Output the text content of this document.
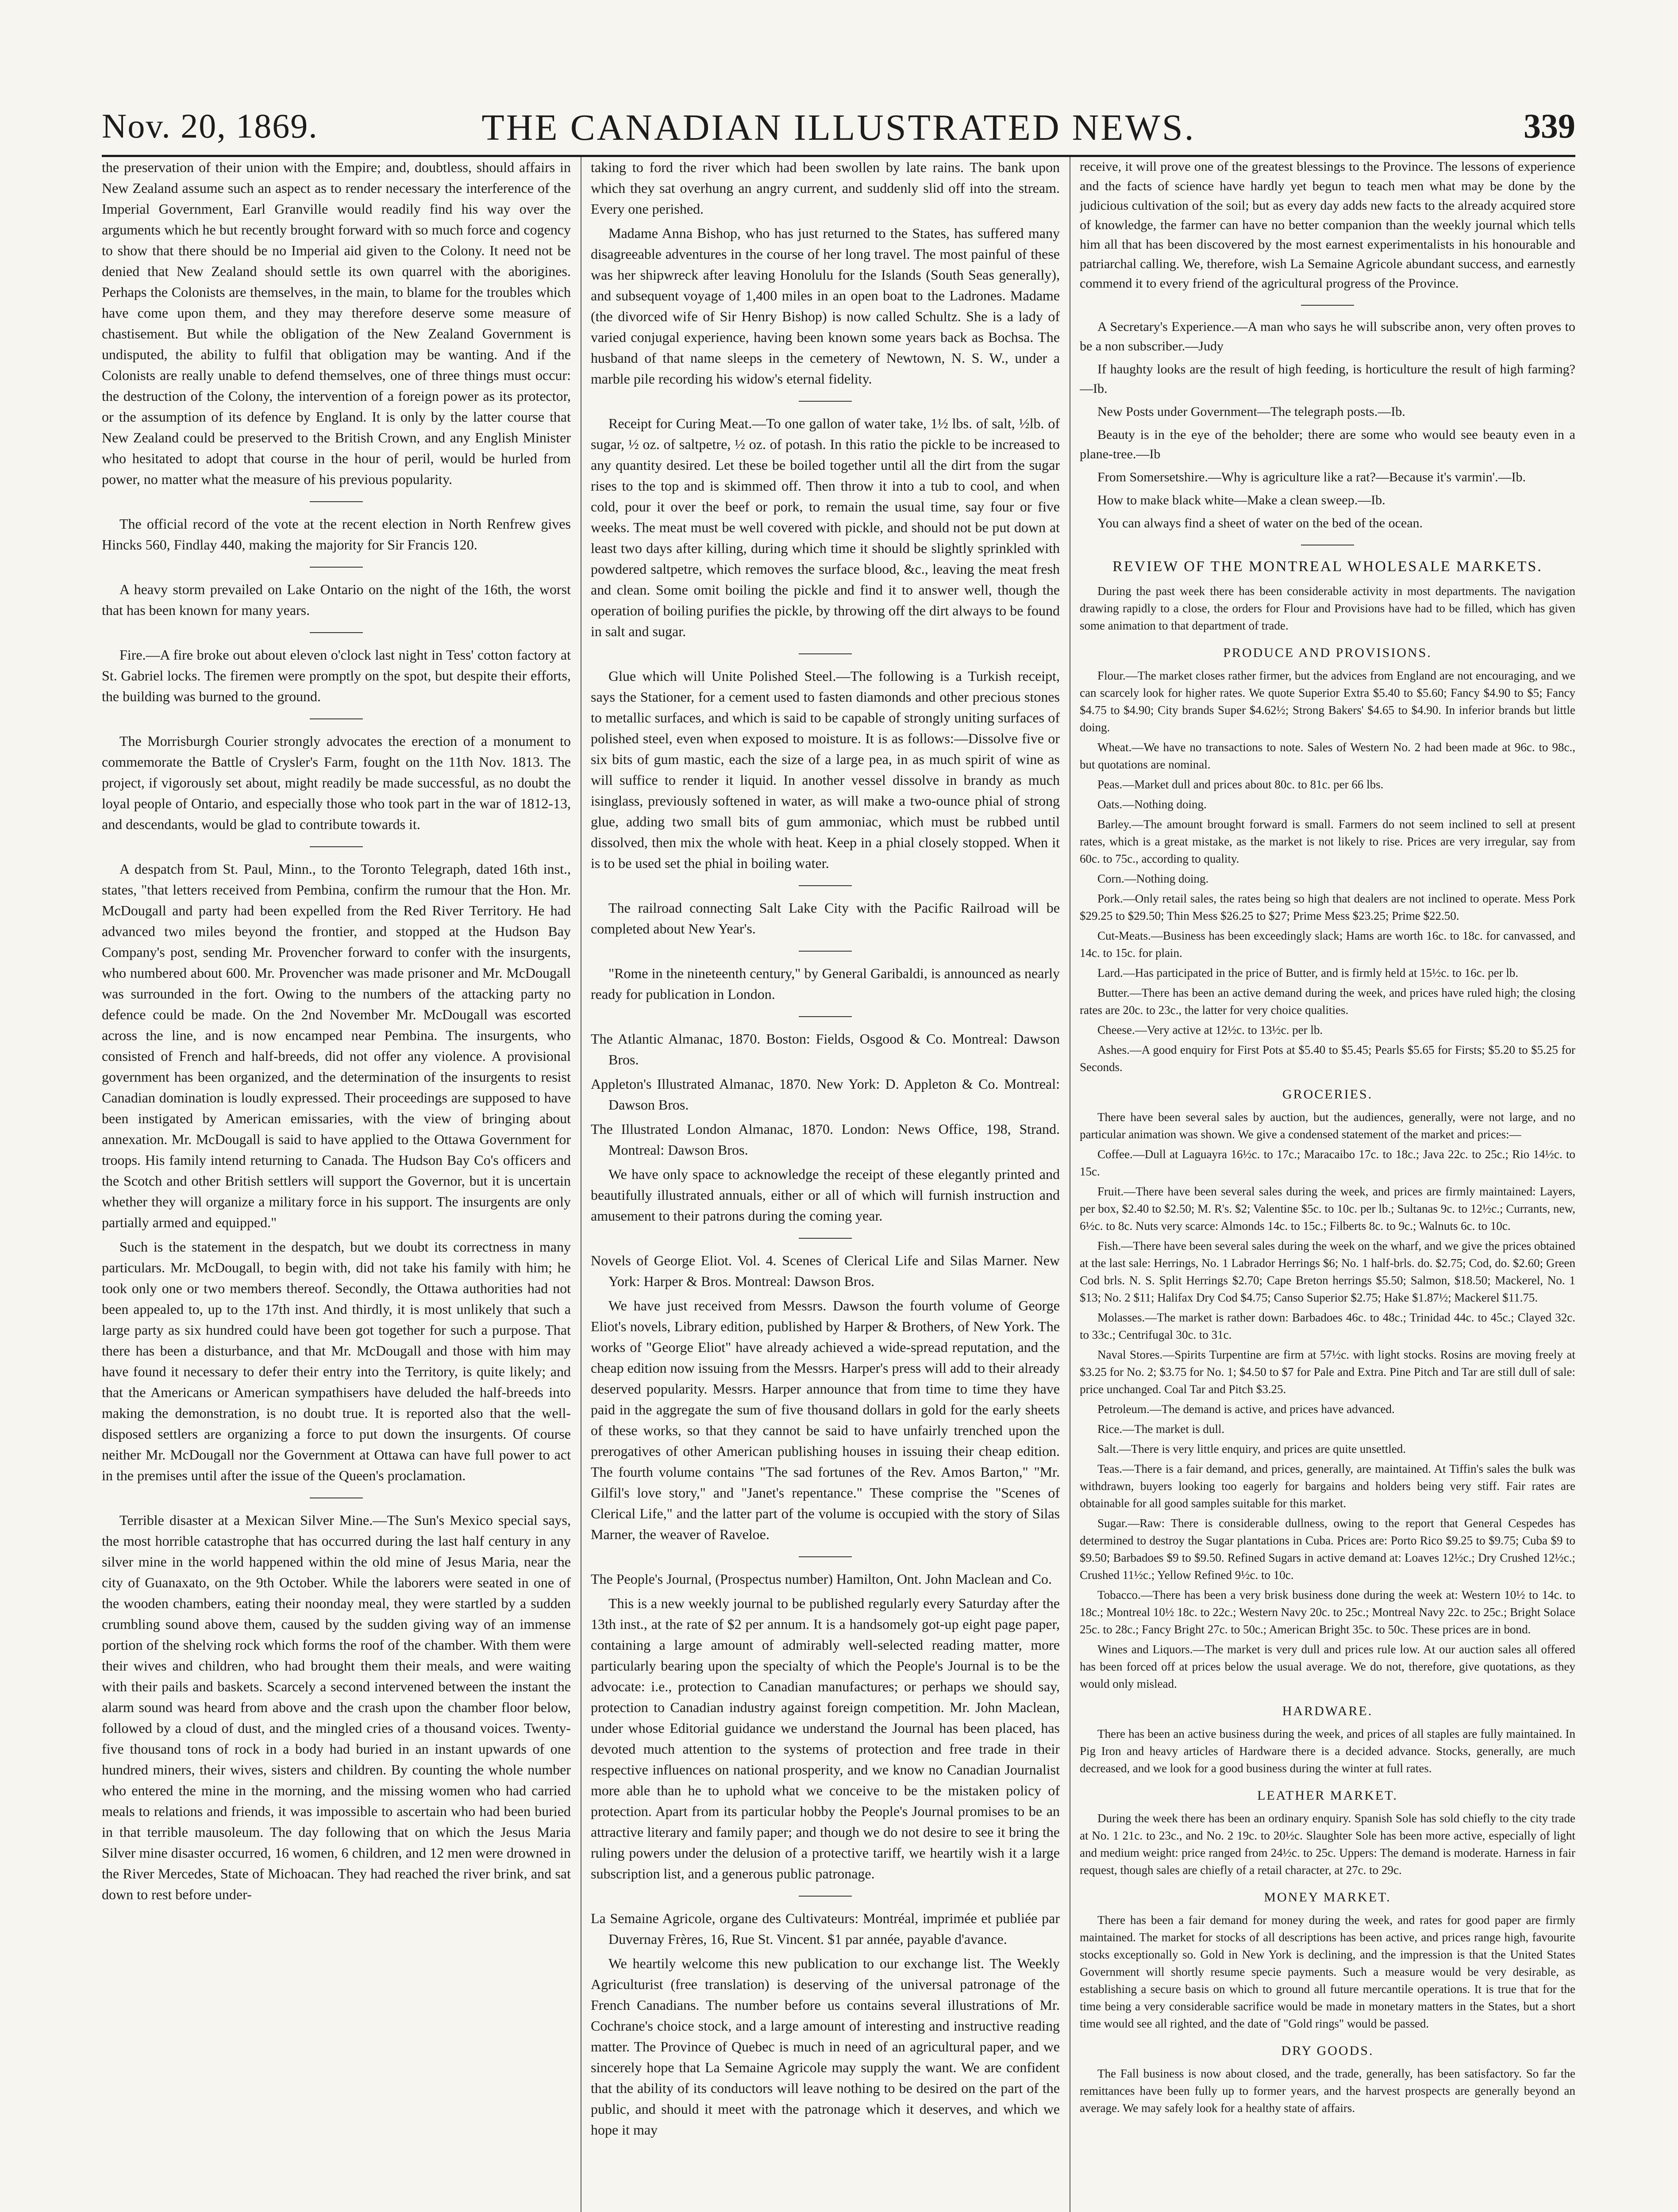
Nov. 20, 1869.	THE CANADIAN ILLUSTRATED NEWS.	339

the preservation of their union with the Empire; and, doubtless, should affairs in New Zealand assume such an aspect as to render necessary the interference of the Imperial Government, Earl Granville would readily find his way over the arguments which he but recently brought forward with so much force and cogency to show that there should be no Imperial aid given to the Colony. It need not be denied that New Zealand should settle its own quarrel with the aborigines. Perhaps the Colonists are themselves, in the main, to blame for the troubles which have come upon them, and they may therefore deserve some measure of chastisement. But while the obligation of the New Zealand Government is undisputed, the ability to fulfil that obligation may be wanting. And if the Colonists are really unable to defend themselves, one of three things must occur: the destruction of the Colony, the intervention of a foreign power as its protector, or the assumption of its defence by England. It is only by the latter course that New Zealand could be preserved to the British Crown, and any English Minister who hesitated to adopt that course in the hour of peril, would be hurled from power, no matter what the measure of his previous popularity.

The official record of the vote at the recent election in North Renfrew gives Hincks 560, Findlay 440, making the majority for Sir Francis 120.

A heavy storm prevailed on Lake Ontario on the night of the 16th, the worst that has been known for many years.

Fire.—A fire broke out about eleven o'clock last night in Tess' cotton factory at St. Gabriel locks. The firemen were promptly on the spot, but despite their efforts, the building was burned to the ground.

The Morrisburgh Courier strongly advocates the erection of a monument to commemorate the Battle of Crysler's Farm, fought on the 11th Nov. 1813. The project, if vigorously set about, might readily be made successful, as no doubt the loyal people of Ontario, and especially those who took part in the war of 1812-13, and descendants, would be glad to contribute towards it.

A despatch from St. Paul, Minn., to the Toronto Telegraph, dated 16th inst., states, "that letters received from Pembina, confirm the rumour that the Hon. Mr. McDougall and party had been expelled from the Red River Territory. He had advanced two miles beyond the frontier, and stopped at the Hudson Bay Company's post, sending Mr. Provencher forward to confer with the insurgents, who numbered about 600. Mr. Provencher was made prisoner and Mr. McDougall was surrounded in the fort. Owing to the numbers of the attacking party no defence could be made. On the 2nd November Mr. McDougall was escorted across the line, and is now encamped near Pembina. The insurgents, who consisted of French and half-breeds, did not offer any violence. A provisional government has been organized, and the determination of the insurgents to resist Canadian domination is loudly expressed. Their proceedings are supposed to have been instigated by American emissaries, with the view of bringing about annexation. Mr. McDougall is said to have applied to the Ottawa Government for troops. His family intend returning to Canada. The Hudson Bay Co's officers and the Scotch and other British settlers will support the Governor, but it is uncertain whether they will organize a military force in his support. The insurgents are only partially armed and equipped."

Such is the statement in the despatch, but we doubt its correctness in many particulars. Mr. McDougall, to begin with, did not take his family with him; he took only one or two members thereof. Secondly, the Ottawa authorities had not been appealed to, up to the 17th inst. And thirdly, it is most unlikely that such a large party as six hundred could have been got together for such a purpose. That there has been a disturbance, and that Mr. McDougall and those with him may have found it necessary to defer their entry into the Territory, is quite likely; and that the Americans or American sympathisers have deluded the half-breeds into making the demonstration, is no doubt true. It is reported also that the well-disposed settlers are organizing a force to put down the insurgents. Of course neither Mr. McDougall nor the Government at Ottawa can have full power to act in the premises until after the issue of the Queen's proclamation.

Terrible disaster at a Mexican Silver Mine.—The Sun's Mexico special says, the most horrible catastrophe that has occurred during the last half century in any silver mine in the world happened within the old mine of Jesus Maria, near the city of Guanaxato, on the 9th October. While the laborers were seated in one of the wooden chambers, eating their noonday meal, they were startled by a sudden crumbling sound above them, caused by the sudden giving way of an immense portion of the shelving rock which forms the roof of the chamber. With them were their wives and children, who had brought them their meals, and were waiting with their pails and baskets. Scarcely a second intervened between the instant the alarm sound was heard from above and the crash upon the chamber floor below, followed by a cloud of dust, and the mingled cries of a thousand voices. Twenty-five thousand tons of rock in a body had buried in an instant upwards of one hundred miners, their wives, sisters and children. By counting the whole number who entered the mine in the morning, and the missing women who had carried meals to relations and friends, it was impossible to ascertain who had been buried in that terrible mausoleum. The day following that on which the Jesus Maria Silver mine disaster occurred, 16 women, 6 children, and 12 men were drowned in the River Mercedes, State of Michoacan. They had reached the river brink, and sat down to rest before under-

taking to ford the river which had been swollen by late rains. The bank upon which they sat overhung an angry current, and suddenly slid off into the stream. Every one perished.

Madame Anna Bishop, who has just returned to the States, has suffered many disagreeable adventures in the course of her long travel. The most painful of these was her shipwreck after leaving Honolulu for the Islands (South Seas generally), and subsequent voyage of 1,400 miles in an open boat to the Ladrones. Madame (the divorced wife of Sir Henry Bishop) is now called Schultz. She is a lady of varied conjugal experience, having been known some years back as Bochsa. The husband of that name sleeps in the cemetery of Newtown, N. S. W., under a marble pile recording his widow's eternal fidelity.

Receipt for Curing Meat.—To one gallon of water take, 1½ lbs. of salt, ½lb. of sugar, ½ oz. of saltpetre, ½ oz. of potash. In this ratio the pickle to be increased to any quantity desired. Let these be boiled together until all the dirt from the sugar rises to the top and is skimmed off. Then throw it into a tub to cool, and when cold, pour it over the beef or pork, to remain the usual time, say four or five weeks. The meat must be well covered with pickle, and should not be put down at least two days after killing, during which time it should be slightly sprinkled with powdered saltpetre, which removes the surface blood, &c., leaving the meat fresh and clean. Some omit boiling the pickle and find it to answer well, though the operation of boiling purifies the pickle, by throwing off the dirt always to be found in salt and sugar.

Glue which will Unite Polished Steel.—The following is a Turkish receipt, says the Stationer, for a cement used to fasten diamonds and other precious stones to metallic surfaces, and which is said to be capable of strongly uniting surfaces of polished steel, even when exposed to moisture. It is as follows:—Dissolve five or six bits of gum mastic, each the size of a large pea, in as much spirit of wine as will suffice to render it liquid. In another vessel dissolve in brandy as much isinglass, previously softened in water, as will make a two-ounce phial of strong glue, adding two small bits of gum ammoniac, which must be rubbed until dissolved, then mix the whole with heat. Keep in a phial closely stopped. When it is to be used set the phial in boiling water.

The railroad connecting Salt Lake City with the Pacific Railroad will be completed about New Year's.

"Rome in the nineteenth century," by General Garibaldi, is announced as nearly ready for publication in London.

The Atlantic Almanac, 1870. Boston: Fields, Osgood & Co. Montreal: Dawson Bros.

Appleton's Illustrated Almanac, 1870. New York: D. Appleton & Co. Montreal: Dawson Bros.

The Illustrated London Almanac, 1870. London: News Office, 198, Strand. Montreal: Dawson Bros.

We have only space to acknowledge the receipt of these elegantly printed and beautifully illustrated annuals, either or all of which will furnish instruction and amusement to their patrons during the coming year.

Novels of George Eliot. Vol. 4. Scenes of Clerical Life and Silas Marner. New York: Harper & Bros. Montreal: Dawson Bros.

We have just received from Messrs. Dawson the fourth volume of George Eliot's novels, Library edition, published by Harper & Brothers, of New York. The works of "George Eliot" have already achieved a wide-spread reputation, and the cheap edition now issuing from the Messrs. Harper's press will add to their already deserved popularity. Messrs. Harper announce that from time to time they have paid in the aggregate the sum of five thousand dollars in gold for the early sheets of these works, so that they cannot be said to have unfairly trenched upon the prerogatives of other American publishing houses in issuing their cheap edition. The fourth volume contains "The sad fortunes of the Rev. Amos Barton," "Mr. Gilfil's love story," and "Janet's repentance." These comprise the "Scenes of Clerical Life," and the latter part of the volume is occupied with the story of Silas Marner, the weaver of Raveloe.

The People's Journal, (Prospectus number) Hamilton, Ont. John Maclean and Co.

This is a new weekly journal to be published regularly every Saturday after the 13th inst., at the rate of $2 per annum. It is a handsomely got-up eight page paper, containing a large amount of admirably well-selected reading matter, more particularly bearing upon the specialty of which the People's Journal is to be the advocate: i.e., protection to Canadian manufactures; or perhaps we should say, protection to Canadian industry against foreign competition. Mr. John Maclean, under whose Editorial guidance we understand the Journal has been placed, has devoted much attention to the systems of protection and free trade in their respective influences on national prosperity, and we know no Canadian Journalist more able than he to uphold what we conceive to be the mistaken policy of protection. Apart from its particular hobby the People's Journal promises to be an attractive literary and family paper; and though we do not desire to see it bring the ruling powers under the delusion of a protective tariff, we heartily wish it a large subscription list, and a generous public patronage.

La Semaine Agricole, organe des Cultivateurs: Montréal, imprimée et publiée par Duvernay Frères, 16, Rue St. Vincent. $1 par année, payable d'avance.

We heartily welcome this new publication to our exchange list. The Weekly Agriculturist (free translation) is deserving of the universal patronage of the French Canadians. The number before us contains several illustrations of Mr. Cochrane's choice stock, and a large amount of interesting and instructive reading matter. The Province of Quebec is much in need of an agricultural paper, and we sincerely hope that La Semaine Agricole may supply the want. We are confident that the ability of its conductors will leave nothing to be desired on the part of the public, and should it meet with the patronage which it deserves, and which we hope it may

receive, it will prove one of the greatest blessings to the Province. The lessons of experience and the facts of science have hardly yet begun to teach men what may be done by the judicious cultivation of the soil; but as every day adds new facts to the already acquired store of knowledge, the farmer can have no better companion than the weekly journal which tells him all that has been discovered by the most earnest experimentalists in his honourable and patriarchal calling. We, therefore, wish La Semaine Agricole abundant success, and earnestly commend it to every friend of the agricultural progress of the Province.

A Secretary's Experience.—A man who says he will subscribe anon, very often proves to be a non subscriber.—Judy

If haughty looks are the result of high feeding, is horticulture the result of high farming?—Ib.

New Posts under Government—The telegraph posts.—Ib.

Beauty is in the eye of the beholder; there are some who would see beauty even in a plane-tree.—Ib

From Somersetshire.—Why is agriculture like a rat?—Because it's varmin'.—Ib.

How to make black white—Make a clean sweep.—Ib.

You can always find a sheet of water on the bed of the ocean.

REVIEW OF THE MONTREAL WHOLESALE MARKETS.

During the past week there has been considerable activity in most departments. The navigation drawing rapidly to a close, the orders for Flour and Provisions have had to be filled, which has given some animation to that department of trade.

PRODUCE AND PROVISIONS.

Flour.—The market closes rather firmer, but the advices from England are not encouraging, and we can scarcely look for higher rates. We quote Superior Extra $5.40 to $5.60; Fancy $4.90 to $5; Fancy $4.75 to $4.90; City brands Super $4.62½; Strong Bakers' $4.65 to $4.90. In inferior brands but little doing.

Wheat.—We have no transactions to note. Sales of Western No. 2 had been made at 96c. to 98c., but quotations are nominal.

Peas.—Market dull and prices about 80c. to 81c. per 66 lbs.

Oats.—Nothing doing.

Barley.—The amount brought forward is small. Farmers do not seem inclined to sell at present rates, which is a great mistake, as the market is not likely to rise. Prices are very irregular, say from 60c. to 75c., according to quality.

Corn.—Nothing doing.

Pork.—Only retail sales, the rates being so high that dealers are not inclined to operate. Mess Pork $29.25 to $29.50; Thin Mess $26.25 to $27; Prime Mess $23.25; Prime $22.50.

Cut-Meats.—Business has been exceedingly slack; Hams are worth 16c. to 18c. for canvassed, and 14c. to 15c. for plain.

Lard.—Has participated in the price of Butter, and is firmly held at 15½c. to 16c. per lb.

Butter.—There has been an active demand during the week, and prices have ruled high; the closing rates are 20c. to 23c., the latter for very choice qualities.

Cheese.—Very active at 12½c. to 13½c. per lb.

Ashes.—A good enquiry for First Pots at $5.40 to $5.45; Pearls $5.65 for Firsts; $5.20 to $5.25 for Seconds.

GROCERIES.

There have been several sales by auction, but the audiences, generally, were not large, and no particular animation was shown. We give a condensed statement of the market and prices:—

Coffee.—Dull at Laguayra 16½c. to 17c.; Maracaibo 17c. to 18c.; Java 22c. to 25c.; Rio 14½c. to 15c.

Fruit.—There have been several sales during the week, and prices are firmly maintained: Layers, per box, $2.40 to $2.50; M. R's. $2; Valentine $5c. to 10c. per lb.; Sultanas 9c. to 12½c.; Currants, new, 6½c. to 8c. Nuts very scarce: Almonds 14c. to 15c.; Filberts 8c. to 9c.; Walnuts 6c. to 10c.

Fish.—There have been several sales during the week on the wharf, and we give the prices obtained at the last sale: Herrings, No. 1 Labrador Herrings $6; No. 1 half-brls. do. $2.75; Cod, do. $2.60; Green Cod brls. N. S. Split Herrings $2.70; Cape Breton herrings $5.50; Salmon, $18.50; Mackerel, No. 1 $13; No. 2 $11; Halifax Dry Cod $4.75; Canso Superior $2.75; Hake $1.87½; Mackerel $11.75.

Molasses.—The market is rather down: Barbadoes 46c. to 48c.; Trinidad 44c. to 45c.; Clayed 32c. to 33c.; Centrifugal 30c. to 31c.

Naval Stores.—Spirits Turpentine are firm at 57½c. with light stocks. Rosins are moving freely at $3.25 for No. 2; $3.75 for No. 1; $4.50 to $7 for Pale and Extra. Pine Pitch and Tar are still dull of sale: price unchanged. Coal Tar and Pitch $3.25.

Petroleum.—The demand is active, and prices have advanced.

Rice.—The market is dull.

Salt.—There is very little enquiry, and prices are quite unsettled.

Teas.—There is a fair demand, and prices, generally, are maintained. At Tiffin's sales the bulk was withdrawn, buyers looking too eagerly for bargains and holders being very stiff. Fair rates are obtainable for all good samples suitable for this market.

Sugar.—Raw: There is considerable dullness, owing to the report that General Cespedes has determined to destroy the Sugar plantations in Cuba. Prices are: Porto Rico $9.25 to $9.75; Cuba $9 to $9.50; Barbadoes $9 to $9.50. Refined Sugars in active demand at: Loaves 12½c.; Dry Crushed 12½c.; Crushed 11½c.; Yellow Refined 9½c. to 10c.

Tobacco.—There has been a very brisk business done during the week at: Western 10½ to 14c. to 18c.; Montreal 10½ 18c. to 22c.; Western Navy 20c. to 25c.; Montreal Navy 22c. to 25c.; Bright Solace 25c. to 28c.; Fancy Bright 27c. to 50c.; American Bright 35c. to 50c. These prices are in bond.

Wines and Liquors.—The market is very dull and prices rule low. At our auction sales all offered has been forced off at prices below the usual average. We do not, therefore, give quotations, as they would only mislead.

HARDWARE.

There has been an active business during the week, and prices of all staples are fully maintained. In Pig Iron and heavy articles of Hardware there is a decided advance. Stocks, generally, are much decreased, and we look for a good business during the winter at full rates.

LEATHER MARKET.

During the week there has been an ordinary enquiry. Spanish Sole has sold chiefly to the city trade at No. 1 21c. to 23c., and No. 2 19c. to 20½c. Slaughter Sole has been more active, especially of light and medium weight: price ranged from 24½c. to 25c. Uppers: The demand is moderate. Harness in fair request, though sales are chiefly of a retail character, at 27c. to 29c.

MONEY MARKET.

There has been a fair demand for money during the week, and rates for good paper are firmly maintained. The market for stocks of all descriptions has been active, and prices range high, favourite stocks exceptionally so. Gold in New York is declining, and the impression is that the United States Government will shortly resume specie payments. Such a measure would be very desirable, as establishing a secure basis on which to ground all future mercantile operations. It is true that for the time being a very considerable sacrifice would be made in monetary matters in the States, but a short time would see all righted, and the date of "Gold rings" would be passed.

DRY GOODS.

The Fall business is now about closed, and the trade, generally, has been satisfactory. So far the remittances have been fully up to former years, and the harvest prospects are generally beyond an average. We may safely look for a healthy state of affairs.
